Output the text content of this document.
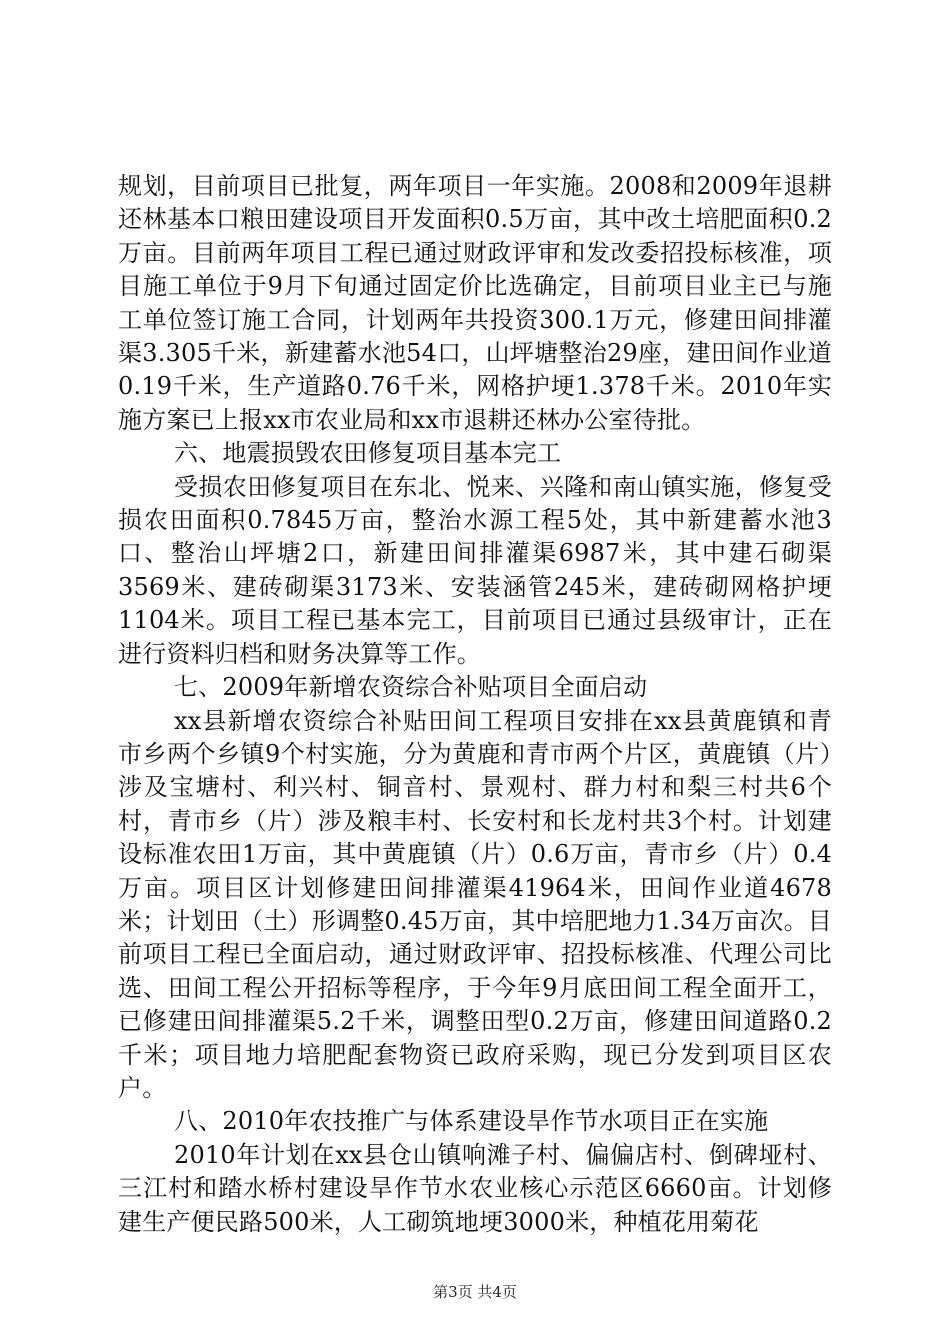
规划，目前项目已批复，两年项目一年实施。2008和2009年退耕还林基本口粮田建设项目开发面积0.5万亩，其中改土培肥面积0.2万亩。目前两年项目工程已通过财政评审和发改委招投标核准，项目施工单位于9月下旬通过固定价比选确定，目前项目业主已与施工单位签订施工合同，计划两年共投资300.1万元，修建田间排灌渠3.305千米，新建蓄水池54口，山坪塘整治29座，建田间作业道0.19千米，生产道路0.76千米，网格护埂1.378千米。2010年实施方案已上报xx市农业局和xx市退耕还林办公室待批。

六、地震损毁农田修复项目基本完工

受损农田修复项目在东北、悦来、兴隆和南山镇实施，修复受损农田面积0.7845万亩，整治水源工程5处，其中新建蓄水池3口、整治山坪塘2口，新建田间排灌渠6987米，其中建石砌渠3569米、建砖砌渠3173米、安装涵管245米，建砖砌网格护埂1104米。项目工程已基本完工，目前项目已通过县级审计，正在进行资料归档和财务决算等工作。

七、2009年新增农资综合补贴项目全面启动

xx县新增农资综合补贴田间工程项目安排在xx县黄鹿镇和青市乡两个乡镇9个村实施，分为黄鹿和青市两个片区，黄鹿镇（片）涉及宝塘村、利兴村、铜音村、景观村、群力村和梨三村共6个村，青市乡（片）涉及粮丰村、长安村和长龙村共3个村。计划建设标准农田1万亩，其中黄鹿镇（片）0.6万亩，青市乡（片）0.4万亩。项目区计划修建田间排灌渠41964米，田间作业道4678米；计划田（土）形调整0.45万亩，其中培肥地力1.34万亩次。目前项目工程已全面启动，通过财政评审、招投标核准、代理公司比选、田间工程公开招标等程序，于今年9月底田间工程全面开工，已修建田间排灌渠5.2千米，调整田型0.2万亩，修建田间道路0.2千米；项目地力培肥配套物资已政府采购，现已分发到项目区农户。

八、2010年农技推广与体系建设旱作节水项目正在实施

2010年计划在xx县仓山镇响滩子村、偏偏店村、倒碑垭村、三江村和踏水桥村建设旱作节水农业核心示范区6660亩。计划修建生产便民路500米，人工砌筑地埂3000米，种植花用菊花

第3页 共4页
